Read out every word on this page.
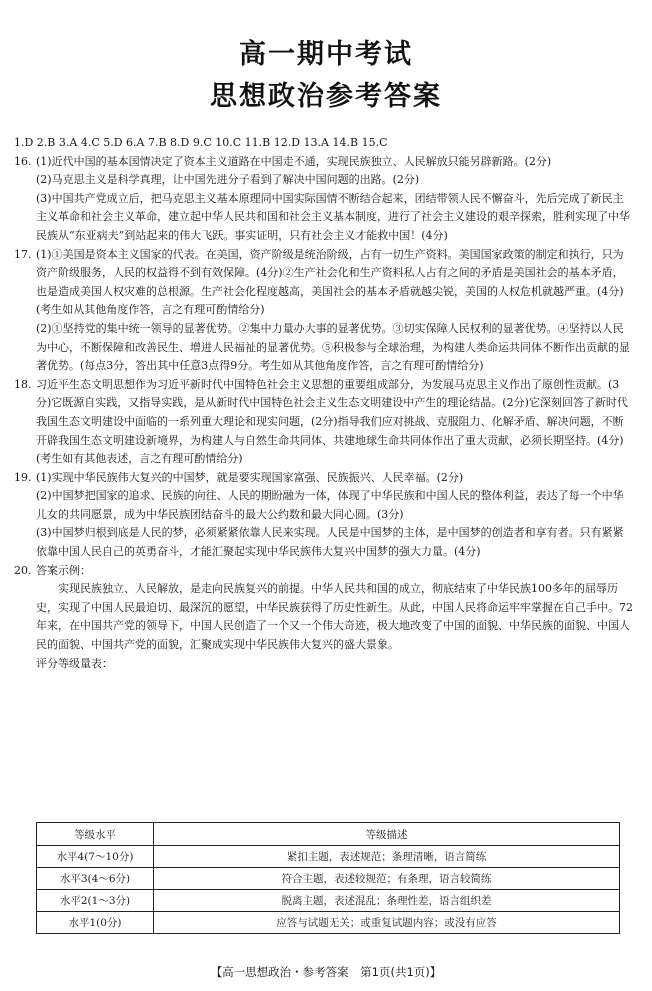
高一期中考试
思想政治参考答案

1.D 2.B 3.A 4.C 5.D 6.A 7.B 8.D 9.C 10.C 11.B 12.D 13.A 14.B 15.C

16. (1)近代中国的基本国情决定了资本主义道路在中国走不通，实现民族独立、人民解放只能另辟新路。(2分)

(2)马克思主义是科学真理，让中国先进分子看到了解决中国问题的出路。(2分)

(3)中国共产党成立后，把马克思主义基本原理同中国实际国情不断结合起来，团结带领人民不懈奋斗，先后完成了新民主主义革命和社会主义革命，建立起中华人民共和国和社会主义基本制度，进行了社会主义建设的艰辛探索，胜利实现了中华民族从“东亚病夫”到站起来的伟大飞跃。事实证明，只有社会主义才能救中国！(4分)

17. (1)①美国是资本主义国家的代表。在美国，资产阶级是统治阶级，占有一切生产资料。美国国家政策的制定和执行，只为资产阶级服务，人民的权益得不到有效保障。(4分)②生产社会化和生产资料私人占有之间的矛盾是美国社会的基本矛盾，也是造成美国人权灾难的总根源。生产社会化程度越高，美国社会的基本矛盾就越尖锐，美国的人权危机就越严重。(4分)(考生如从其他角度作答，言之有理可酌情给分)

(2)①坚持党的集中统一领导的显著优势。②集中力量办大事的显著优势。③切实保障人民权利的显著优势。④坚持以人民为中心，不断保障和改善民生、增进人民福祉的显著优势。⑤积极参与全球治理，为构建人类命运共同体不断作出贡献的显著优势。(每点3分，答出其中任意3点得9分。考生如从其他角度作答，言之有理可酌情给分)

18. 习近平生态文明思想作为习近平新时代中国特色社会主义思想的重要组成部分，为发展马克思主义作出了原创性贡献。(3分)它既源自实践，又指导实践，是从新时代中国特色社会主义生态文明建设中产生的理论结晶。(2分)它深刻回答了新时代我国生态文明建设中面临的一系列重大理论和现实问题，(2分)指导我们应对挑战、克服阻力、化解矛盾、解决问题，不断开辟我国生态文明建设新境界，为构建人与自然生命共同体、共建地球生命共同体作出了重大贡献，必须长期坚持。(4分)(考生如有其他表述，言之有理可酌情给分)

19. (1)实现中华民族伟大复兴的中国梦，就是要实现国家富强、民族振兴、人民幸福。(2分)

(2)中国梦把国家的追求、民族的向往、人民的期盼融为一体，体现了中华民族和中国人民的整体利益，表达了每一个中华儿女的共同愿景，成为中华民族团结奋斗的最大公约数和最大同心圆。(3分)

(3)中国梦归根到底是人民的梦，必须紧紧依靠人民来实现。人民是中国梦的主体，是中国梦的创造者和享有者。只有紧紧依靠中国人民自己的英勇奋斗，才能汇聚起实现中华民族伟大复兴中国梦的强大力量。(4分)

20. 答案示例：

实现民族独立、人民解放，是走向民族复兴的前提。中华人民共和国的成立，彻底结束了中华民族100多年的屈辱历史，实现了中国人民最迫切、最深沉的愿望，中华民族获得了历史性新生。从此，中国人民将命运牢牢掌握在自己手中。72年来，在中国共产党的领导下，中国人民创造了一个又一个伟大奇迹，极大地改变了中国的面貌、中华民族的面貌、中国人民的面貌、中国共产党的面貌，汇聚成实现中华民族伟大复兴的盛大景象。

评分等级量表：

等级水平	等级描述
水平4(7～10分)	紧扣主题，表述规范；条理清晰，语言简练
水平3(4～6分)	符合主题，表述较规范；有条理，语言较简练
水平2(1～3分)	脱离主题，表述混乱；条理性差，语言组织差
水平1(0分)	应答与试题无关；或重复试题内容；或没有应答
【高一思想政治・参考答案　第1页(共1页)】
